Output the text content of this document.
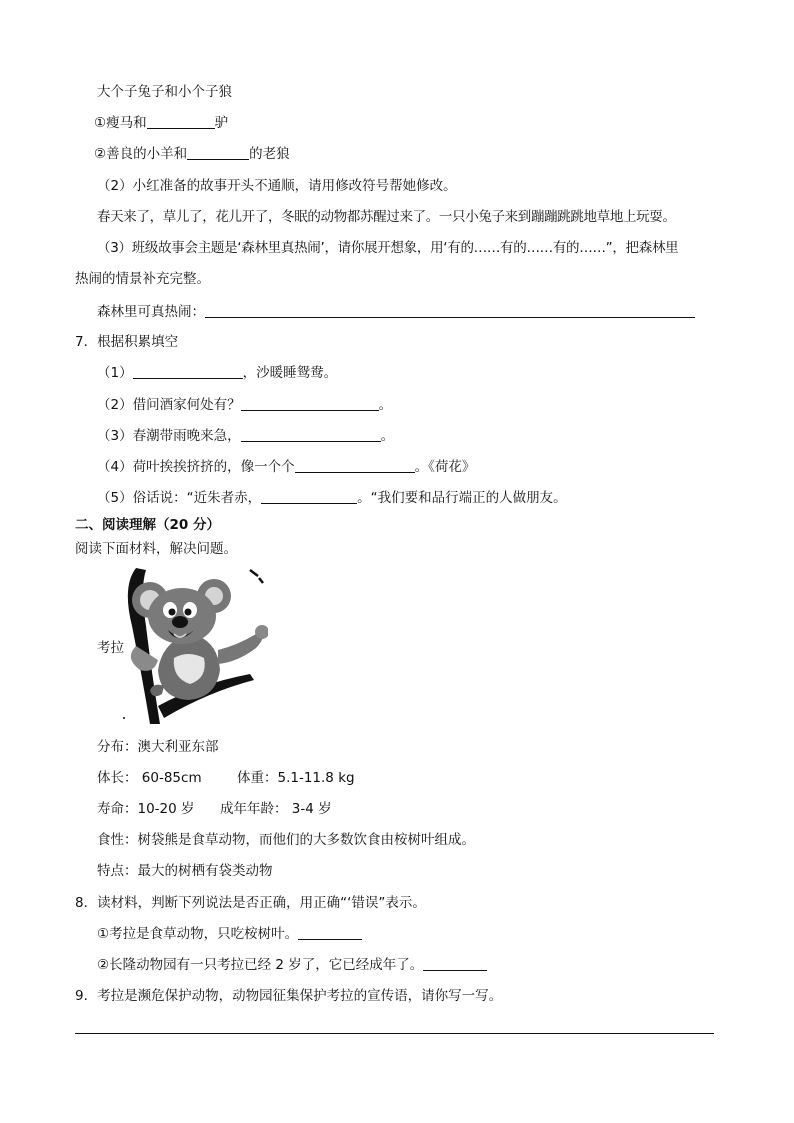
大个子兔子和小个子狼
①瘦马和	驴
②善良的小羊和	的老狼
（2）小红准备的故事开头不通顺，请用修改符号帮她修改。
春天来了，草儿了，花儿开了，冬眠的动物都苏醒过来了。一只小兔子来到蹦蹦跳跳地草地上玩耍。
（3）班级故事会主题是‘森林里真热闹’，请你展开想象，用‘有的……有的……有的……”，把森林里
热闹的情景补充完整。
森林里可真热闹：
7．根据积累填空
（1）	，沙暖睡鸳鸯。
（2）借问酒家何处有？	。
（3）春潮带雨晚来急，	。
（4）荷叶挨挨挤挤的，像一个个	。《荷花》
（5）俗话说：“近朱者赤，	。“我们要和品行端正的人做朋友。
二、阅读理解（20 分）
阅读下面材料，解决问题。
考拉
分布：澳大利亚东部
体长： 60-85cm	体重：5.1-11.8 kg
寿命：10-20 岁 成年年龄： 3-4 岁
食性：树袋熊是食草动物，而他们的大多数饮食由桉树叶组成。
特点：最大的树栖有袋类动物
8．读材料，判断下列说法是否正确，用正确“‘错误”表示。
①考拉是食草动物，只吃桉树叶。
②长隆动物园有一只考拉已经 2 岁了，它已经成年了。
9．考拉是濒危保护动物，动物园征集保护考拉的宣传语，请你写一写。
